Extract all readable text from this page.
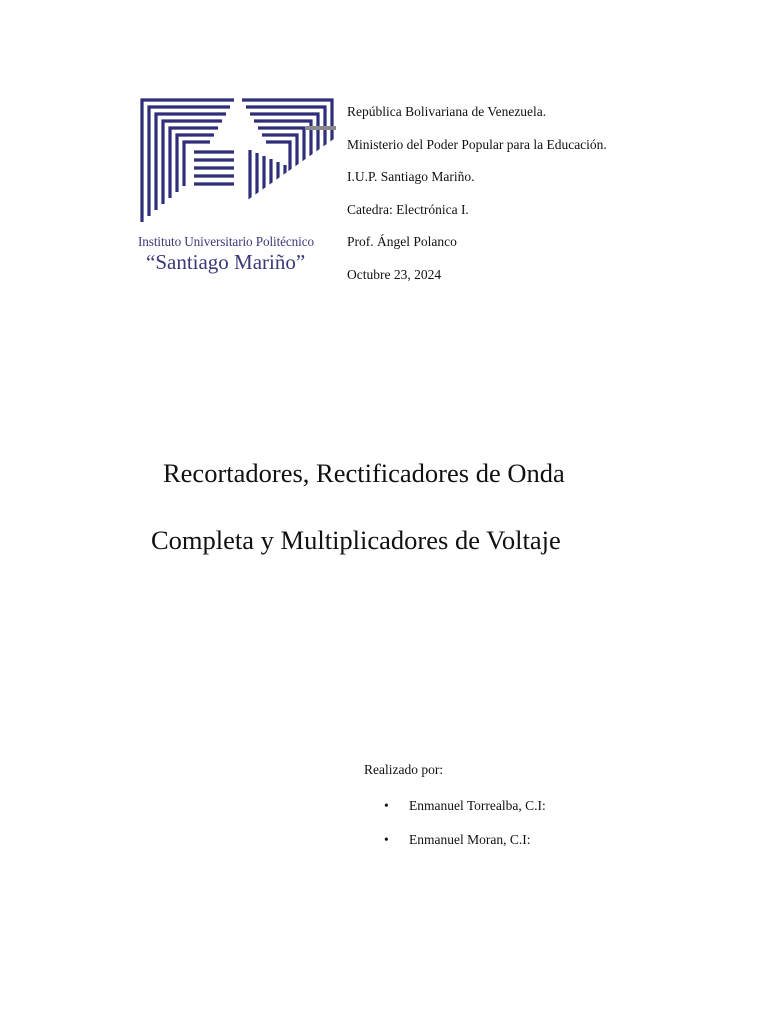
Instituto Universitario Politécnico
“Santiago Mariño”
República Bolivariana de Venezuela.
Ministerio del Poder Popular para la Educación.
I.U.P. Santiago Mariño.
Catedra: Electrónica I.
Prof. Ángel Polanco
Octubre 23, 2024
Recortadores, Rectificadores de Onda
Completa y Multiplicadores de Voltaje
Realizado por:
• Enmanuel Torrealba, C.I:
• Enmanuel Moran, C.I:
